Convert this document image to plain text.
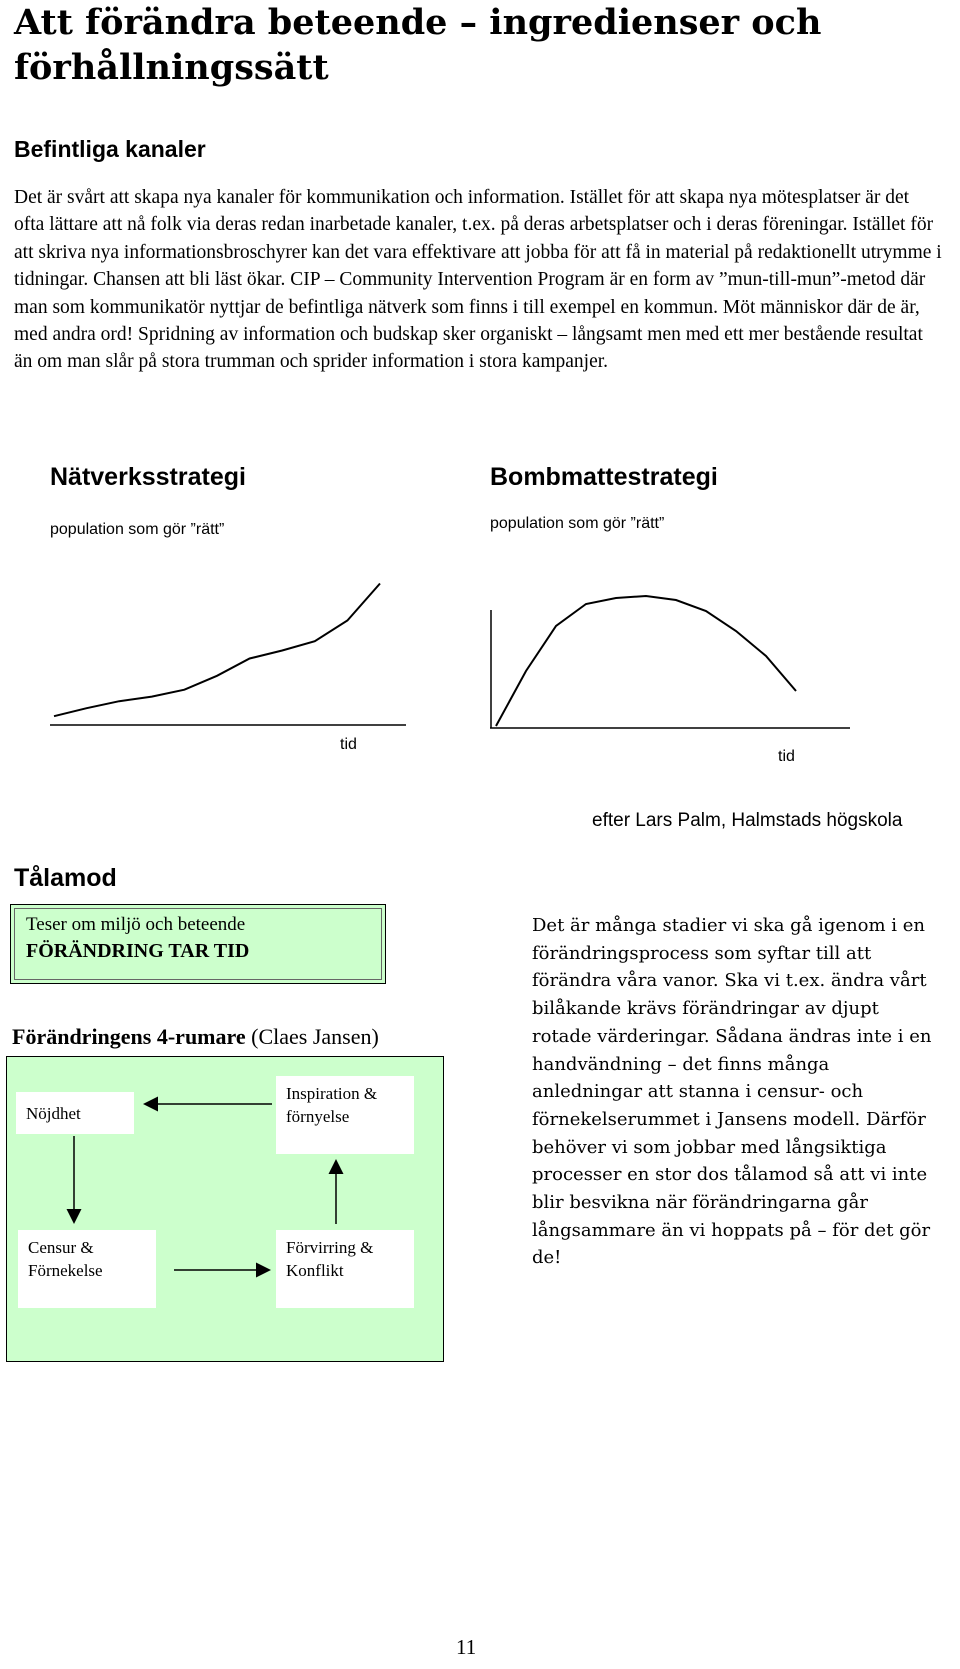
Att förändra beteende – ingredienser och förhållningssätt
Befintliga kanaler
Det är svårt att skapa nya kanaler för kommunikation och information. Istället för att skapa nya mötesplatser är det ofta lättare att nå folk via deras redan inarbetade kanaler, t.ex. på deras arbetsplatser och i deras föreningar. Istället för att skriva nya informationsbroschyrer kan det vara effektivare att jobba för att få in material på redaktionellt utrymme i tidningar. Chansen att bli läst ökar. CIP – Community Intervention Program är en form av ”mun-till-mun”-metod där man som kommunikatör nyttjar de befintliga nätverk som finns i till exempel en kommun. Möt människor där de är, med andra ord! Spridning av information och budskap sker organiskt – långsamt men med ett mer bestående resultat än om man slår på stora trumman och sprider information i stora kampanjer.
Nätverksstrategi
population som gör ”rätt”
tid
Bombmattestrategi
population som gör ”rätt”
tid
efter Lars Palm, Halmstads högskola
Tålamod
Teser om miljö och beteende
FÖRÄNDRING TAR TID
Förändringens 4-rumare (Claes Jansen)
Nöjdhet
Inspiration & förnyelse
Censur & Förnekelse
Förvirring & Konflikt
Det är många stadier vi ska gå igenom i en förändringsprocess som syftar till att förändra våra vanor. Ska vi t.ex. ändra vårt bilåkande krävs förändringar av djupt rotade värderingar. Sådana ändras inte i en handvändning – det finns många anledningar att stanna i censur- och förnekelserummet i Jansens modell. Därför behöver vi som jobbar med långsiktiga processer en stor dos tålamod så att vi inte blir besvikna när förändringarna går långsammare än vi hoppats på – för det gör de!
11
